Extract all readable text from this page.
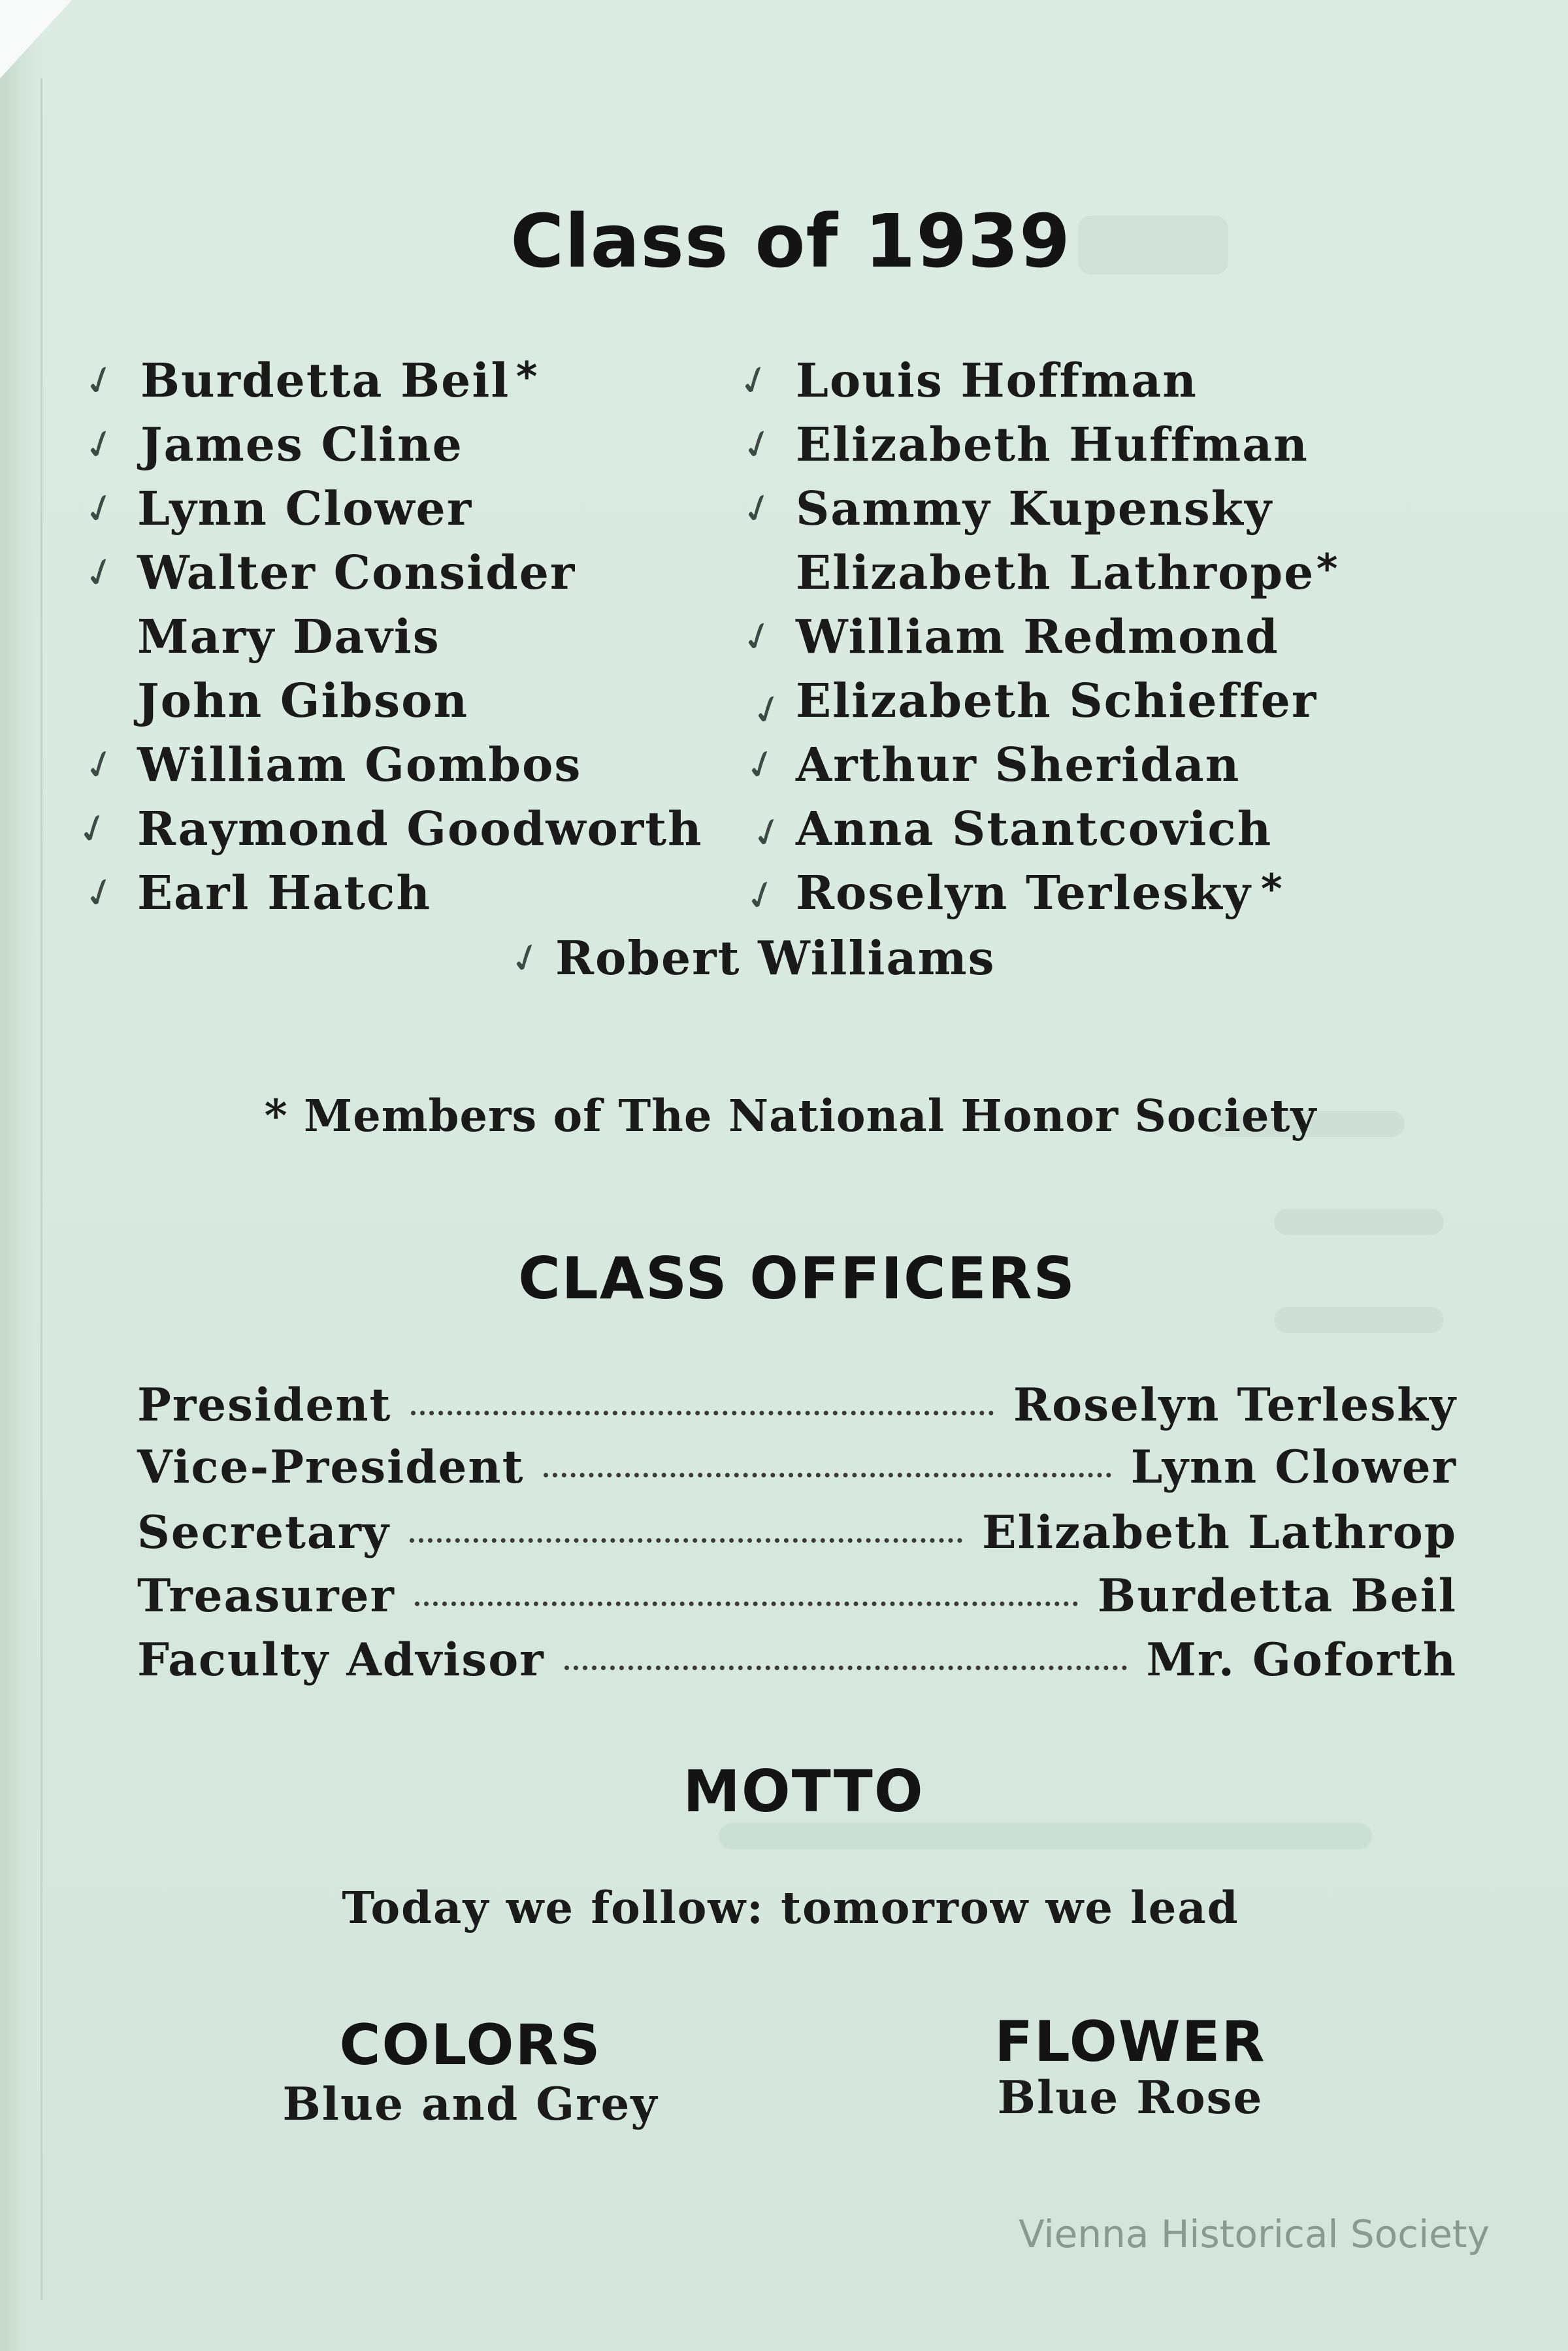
Class of 1939
✓ Burdetta Beil *
✓ James Cline
✓ Lynn Clower
✓ Walter Consider
Mary Davis
John Gibson
✓ William Gombos
✓ Raymond Goodworth
✓ Earl Hatch
✓ Louis Hoffman
✓ Elizabeth Huffman
✓ Sammy Kupensky
Elizabeth Lathrope *
✓ William Redmond
✓ Elizabeth Schieffer
✓ Arthur Sheridan
✓ Anna Stantcovich
✓ Roselyn Terlesky *
✓ Robert Williams
* Members of The National Honor Society
CLASS OFFICERS
President	Roselyn Terlesky
Vice-President	Lynn Clower
Secretary	Elizabeth Lathrop
Treasurer	Burdetta Beil
Faculty Advisor	Mr. Goforth
MOTTO
Today we follow: tomorrow we lead
COLORS
Blue and Grey
FLOWER
Blue Rose
Vienna Historical Society
